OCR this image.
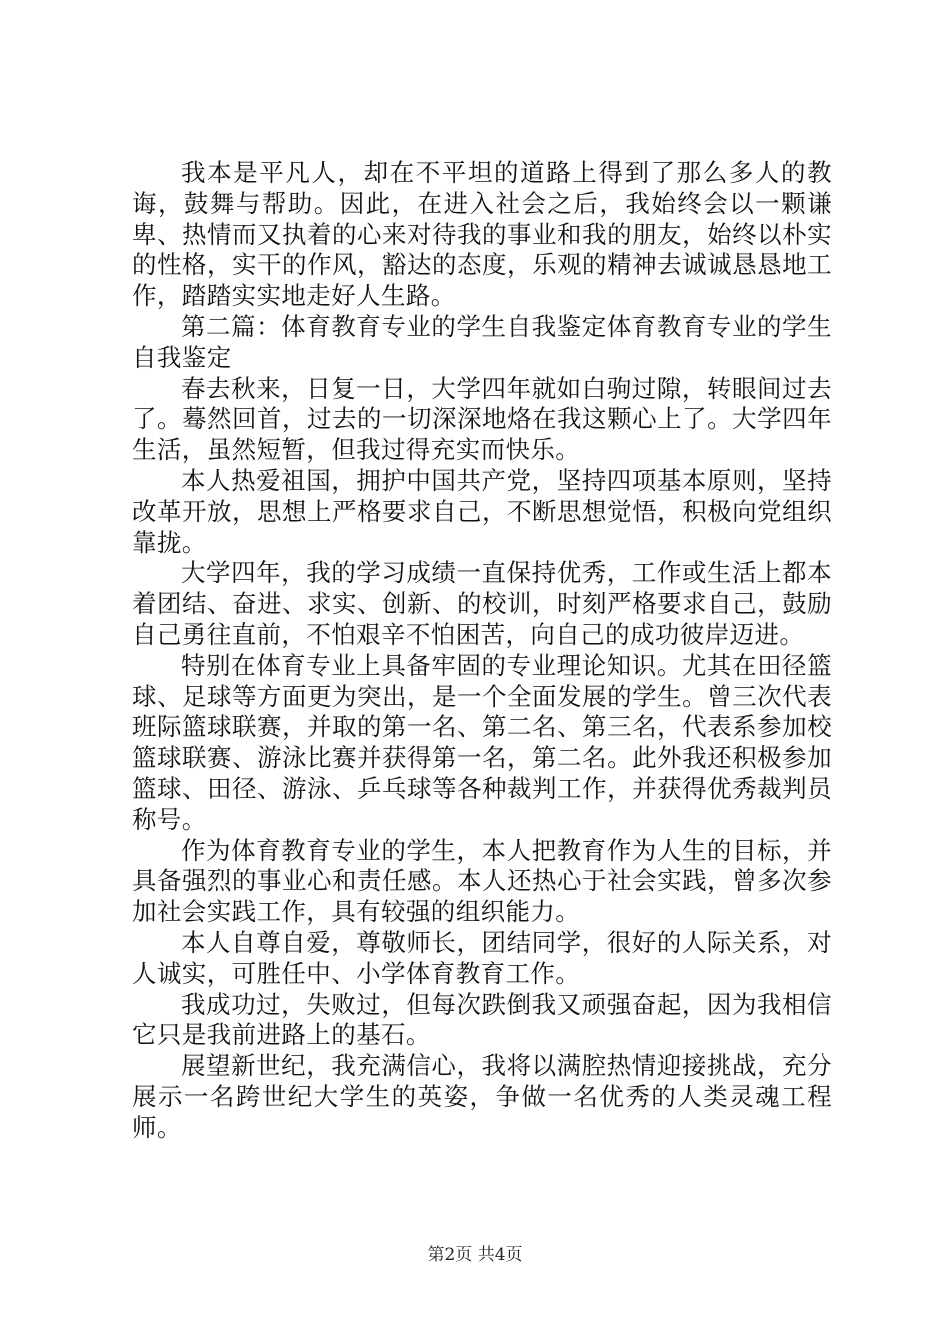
我本是平凡人，却在不平坦的道路上得到了那么多人的教诲，鼓舞与帮助。因此，在进入社会之后，我始终会以一颗谦卑、热情而又执着的心来对待我的事业和我的朋友，始终以朴实的性格，实干的作风，豁达的态度，乐观的精神去诚诚恳恳地工作，踏踏实实地走好人生路。

第二篇：体育教育专业的学生自我鉴定体育教育专业的学生自我鉴定

春去秋来，日复一日，大学四年就如白驹过隙，转眼间过去了。蓦然回首，过去的一切深深地烙在我这颗心上了。大学四年生活，虽然短暂，但我过得充实而快乐。

本人热爱祖国，拥护中国共产党，坚持四项基本原则，坚持改革开放，思想上严格要求自己，不断思想觉悟，积极向党组织靠拢。

大学四年，我的学习成绩一直保持优秀，工作或生活上都本着团结、奋进、求实、创新、的校训，时刻严格要求自己，鼓励自己勇往直前，不怕艰辛不怕困苦，向自己的成功彼岸迈进。

特别在体育专业上具备牢固的专业理论知识。尤其在田径篮球、足球等方面更为突出，是一个全面发展的学生。曾三次代表班际篮球联赛，并取的第一名、第二名、第三名，代表系参加校篮球联赛、游泳比赛并获得第一名，第二名。此外我还积极参加篮球、田径、游泳、乒乓球等各种裁判工作，并获得优秀裁判员称号。

作为体育教育专业的学生，本人把教育作为人生的目标，并具备强烈的事业心和责任感。本人还热心于社会实践，曾多次参加社会实践工作，具有较强的组织能力。

本人自尊自爱，尊敬师长，团结同学，很好的人际关系，对人诚实，可胜任中、小学体育教育工作。

我成功过，失败过，但每次跌倒我又顽强奋起，因为我相信它只是我前进路上的基石。

展望新世纪，我充满信心，我将以满腔热情迎接挑战，充分展示一名跨世纪大学生的英姿，争做一名优秀的人类灵魂工程师。

第2页 共4页
